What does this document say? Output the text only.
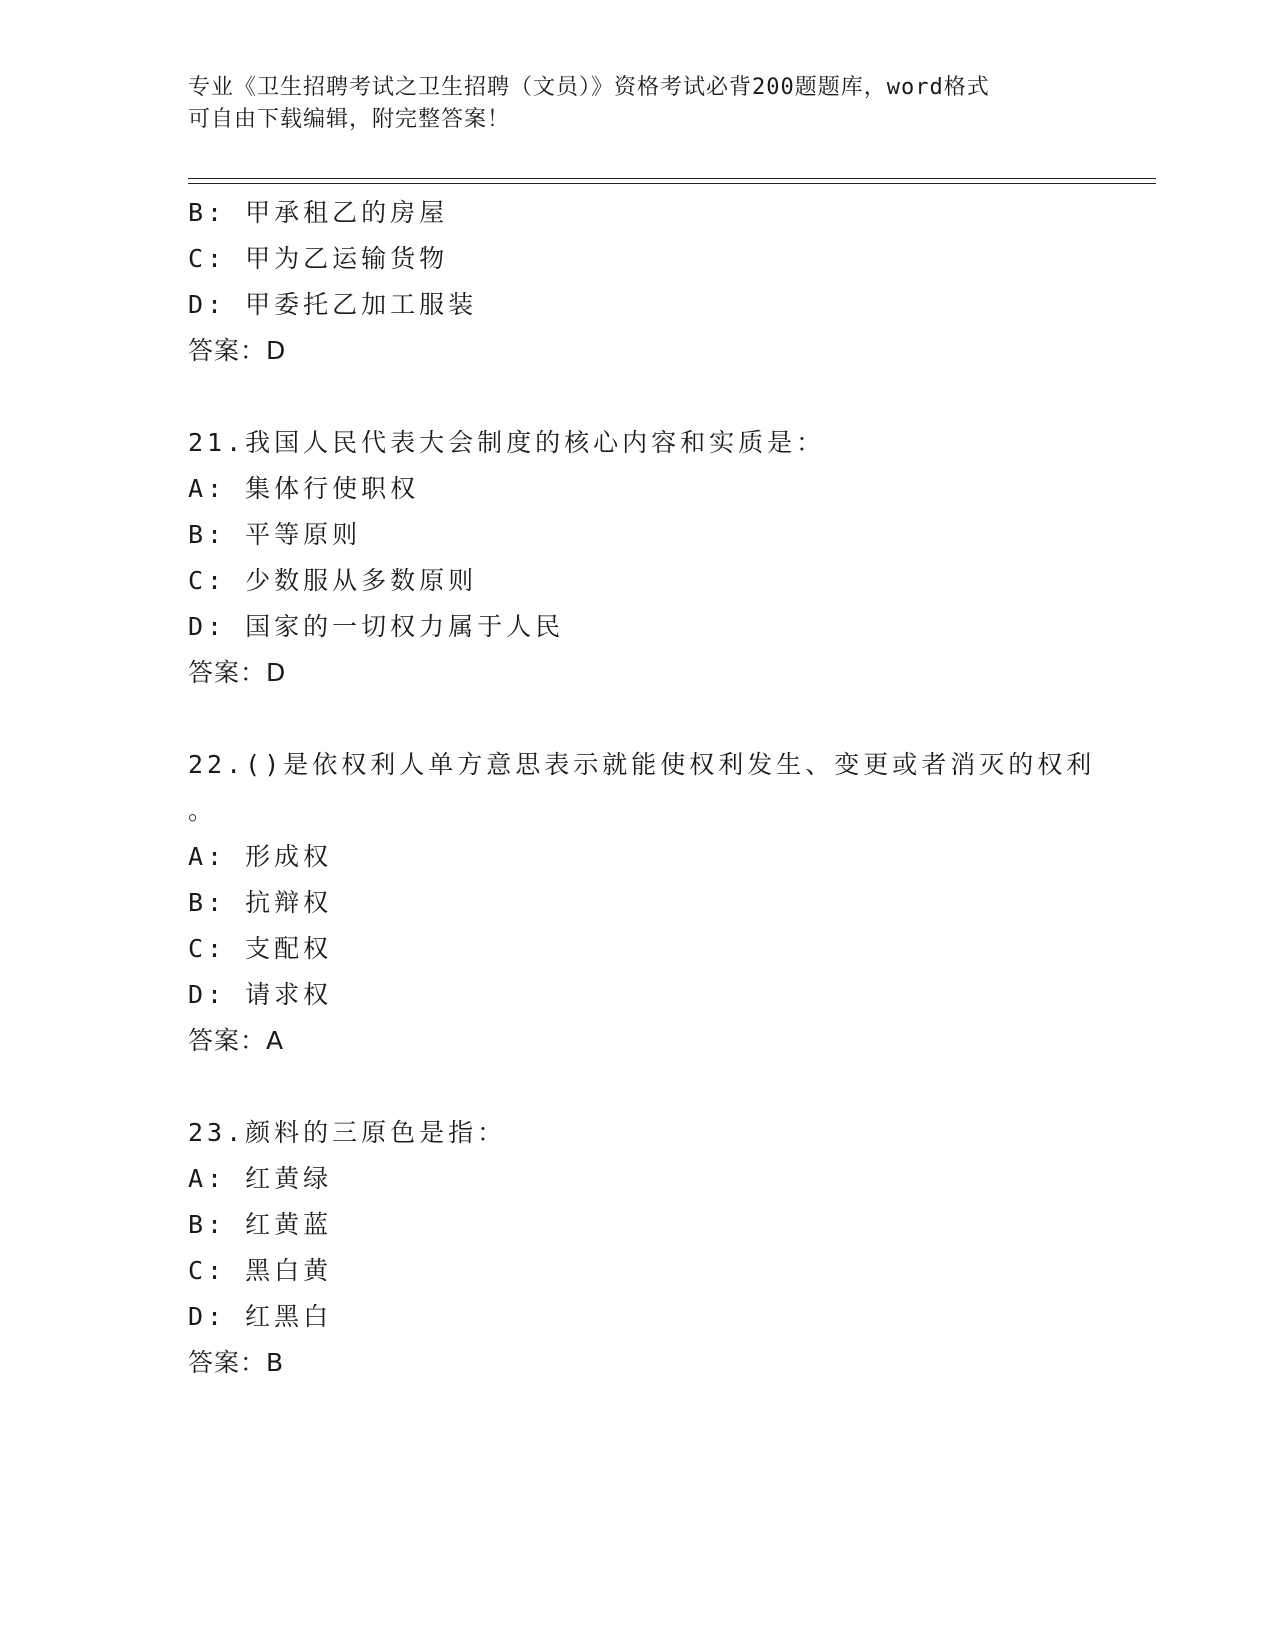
专业《卫生招聘考试之卫生招聘（文员）》资格考试必背200题题库，word格式
可自由下载编辑，附完整答案！
B: 甲承租乙的房屋
C: 甲为乙运输货物
D: 甲委托乙加工服装
答案：D
21.我国人民代表大会制度的核心内容和实质是：
A: 集体行使职权
B: 平等原则
C: 少数服从多数原则
D: 国家的一切权力属于人民
答案：D
22.()是依权利人单方意思表示就能使权利发生、变更或者消灭的权利
。
A: 形成权
B: 抗辩权
C: 支配权
D: 请求权
答案：A
23.颜料的三原色是指：
A: 红黄绿
B: 红黄蓝
C: 黑白黄
D: 红黑白
答案：B
